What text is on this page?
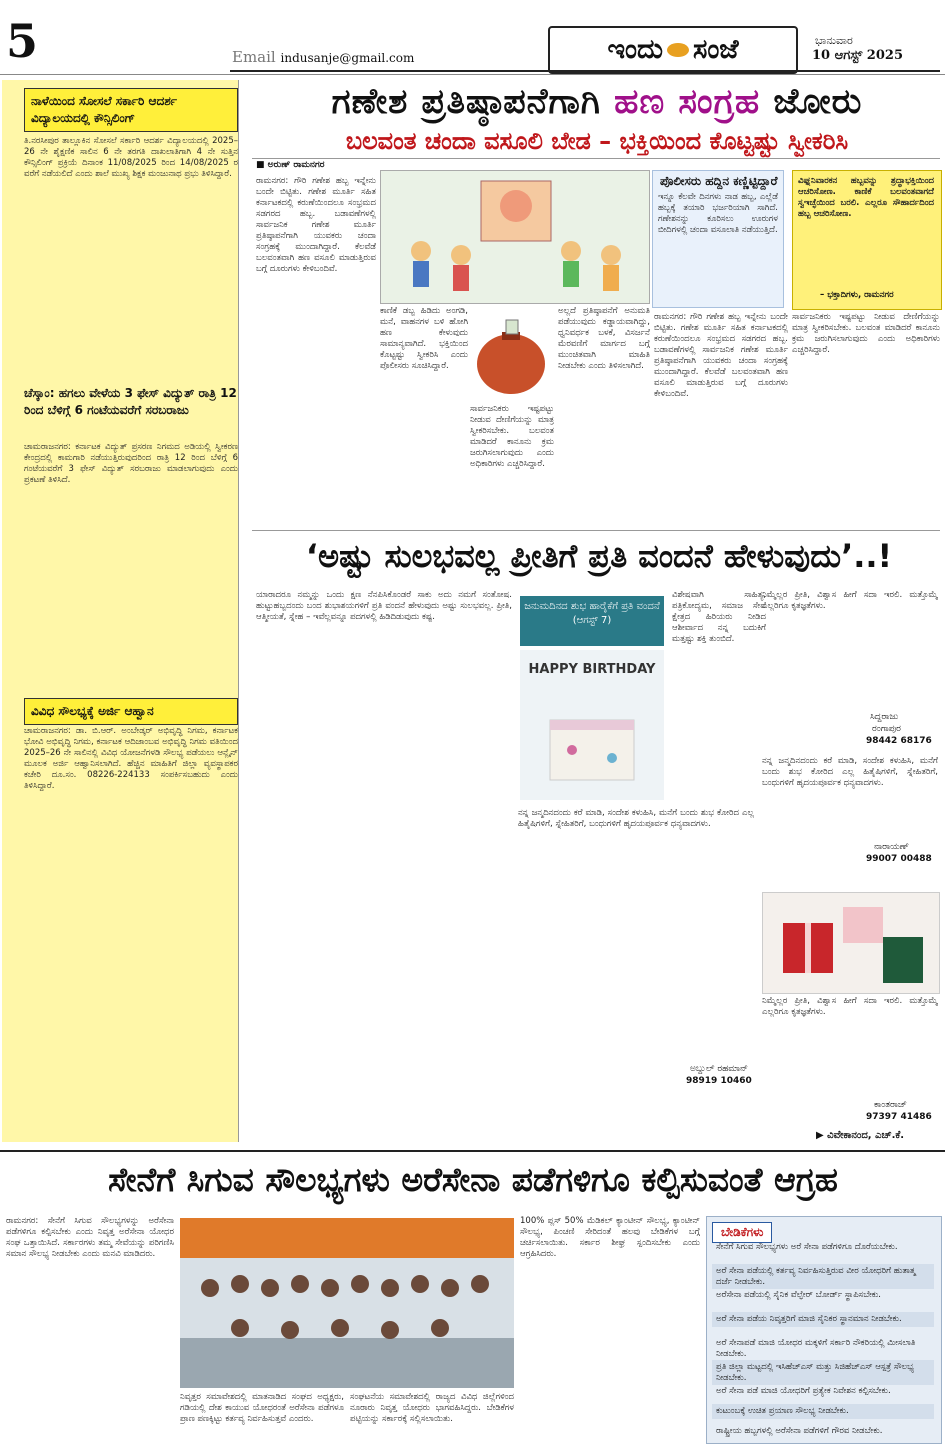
5	Email indusanje@gmail.com	ಇಂದು ಸಂಜೆ	ಭಾನುವಾರ
10 ಆಗಸ್ಟ್ 2025
ನಾಳೆಯಿಂದ ಸೋಸಲೆ ಸರ್ಕಾರಿ ಆದರ್ಶ ವಿದ್ಯಾಲಯದಲ್ಲಿ ಕೌನ್ಸಿಲಿಂಗ್
ತಿ.ನರಸೀಪುರ ತಾಲ್ಲೂಕಿನ ಸೋಸಲೆ ಸರ್ಕಾರಿ ಆದರ್ಶ ವಿದ್ಯಾಲಯದಲ್ಲಿ 2025–26 ನೇ ಶೈಕ್ಷಣಿಕ ಸಾಲಿನ 6 ನೇ ತರಗತಿ ದಾಖಲಾತಿಗಾಗಿ 4 ನೇ ಸುತ್ತಿನ ಕೌನ್ಸಿಲಿಂಗ್ ಪ್ರಕ್ರಿಯೆ ದಿನಾಂಕ 11/08/2025 ರಿಂದ 14/08/2025 ರ ವರೆಗೆ ನಡೆಯಲಿದೆ ಎಂದು ಶಾಲೆ ಮುಖ್ಯ ಶಿಕ್ಷಕ ಮಂಜುನಾಥ ಪ್ರಭು ತಿಳಿಸಿದ್ದಾರೆ.
ಚೆಸ್ಕಾಂ: ಹಗಲು ವೇಳೆಯ 3 ಫೇಸ್ ವಿದ್ಯುತ್ ರಾತ್ರಿ 12 ರಿಂದ ಬೆಳಿಗ್ಗೆ 6 ಗಂಟೆಯವರೆಗೆ ಸರಬರಾಜು
ಚಾಮರಾಜನಗರ: ಕರ್ನಾಟಕ ವಿದ್ಯುತ್ ಪ್ರಸರಣ ನಿಗಮದ ಅಡಿಯಲ್ಲಿ ಸ್ವೀಕರಣ ಕೇಂದ್ರದಲ್ಲಿ ಕಾಮಗಾರಿ ನಡೆಯುತ್ತಿರುವುದರಿಂದ ರಾತ್ರಿ 12 ರಿಂದ ಬೆಳಿಗ್ಗೆ 6 ಗಂಟೆಯವರೆಗೆ 3 ಫೇಸ್ ವಿದ್ಯುತ್ ಸರಬರಾಜು ಮಾಡಲಾಗುವುದು ಎಂದು ಪ್ರಕಟಣೆ ತಿಳಿಸಿದೆ.
ವಿವಿಧ ಸೌಲಭ್ಯಕ್ಕೆ ಅರ್ಜಿ ಆಹ್ವಾನ
ಚಾಮರಾಜನಗರ: ಡಾ. ಬಿ.ಆರ್. ಅಂಬೇಡ್ಕರ್ ಅಭಿವೃದ್ಧಿ ನಿಗಮ, ಕರ್ನಾಟಕ ಭೋವಿ ಅಭಿವೃದ್ಧಿ ನಿಗಮ, ಕರ್ನಾಟಕ ಆದಿಜಾಂಬವ ಅಭಿವೃದ್ಧಿ ನಿಗಮ ವತಿಯಿಂದ 2025–26 ನೇ ಸಾಲಿನಲ್ಲಿ ವಿವಿಧ ಯೋಜನೆಗಳಡಿ ಸೌಲಭ್ಯ ಪಡೆಯಲು ಆನ್ಲೈನ್ ಮೂಲಕ ಅರ್ಜಿ ಆಹ್ವಾನಿಸಲಾಗಿದೆ. ಹೆಚ್ಚಿನ ಮಾಹಿತಿಗೆ ಜಿಲ್ಲಾ ವ್ಯವಸ್ಥಾಪಕರ ಕಚೇರಿ ದೂ.ಸಂ. 08226-224133 ಸಂಪರ್ಕಿಸಬಹುದು ಎಂದು ತಿಳಿಸಿದ್ದಾರೆ.
ಗಣೇಶ ಪ್ರತಿಷ್ಠಾಪನೆಗಾಗಿ ಹಣ ಸಂಗ್ರಹ ಜೋರು
ಬಲವಂತ ಚಂದಾ ವಸೂಲಿ ಬೇಡ – ಭಕ್ತಿಯಿಂದ ಕೊಟ್ಟಷ್ಟು ಸ್ವೀಕರಿಸಿ
■ ಅರುಣ್ ರಾಮನಗರ
ರಾಮನಗರ: ಗೌರಿ ಗಣೇಶ ಹಬ್ಬ ಇನ್ನೇನು ಬಂದೇ ಬಿಟ್ಟಿತು. ಗಣೇಶ ಮೂರ್ತಿ ಸಹಿತ ಕರ್ನಾಟಕದಲ್ಲಿ ಕರುಣೆಯಿಂದಲೂ ಸಂಭ್ರಮದ ಸಡಗರದ ಹಬ್ಬ. ಬಡಾವಣೆಗಳಲ್ಲಿ ಸಾರ್ವಜನಿಕ ಗಣೇಶ ಮೂರ್ತಿ ಪ್ರತಿಷ್ಠಾಪನೆಗಾಗಿ ಯುವಕರು ಚಂದಾ ಸಂಗ್ರಹಕ್ಕೆ ಮುಂದಾಗಿದ್ದಾರೆ. ಕೆಲವೆಡೆ ಬಲವಂತವಾಗಿ ಹಣ ವಸೂಲಿ ಮಾಡುತ್ತಿರುವ ಬಗ್ಗೆ ದೂರುಗಳು ಕೇಳಿಬಂದಿವೆ.
ಕಾಣಿಕೆ ಡಬ್ಬ ಹಿಡಿದು ಅಂಗಡಿ, ಮನೆ, ವಾಹನಗಳ ಬಳಿ ಹೋಗಿ ಹಣ ಕೇಳುವುದು ಸಾಮಾನ್ಯವಾಗಿದೆ. ಭಕ್ತಿಯಿಂದ ಕೊಟ್ಟಷ್ಟು ಸ್ವೀಕರಿಸಿ ಎಂದು ಪೊಲೀಸರು ಸೂಚಿಸಿದ್ದಾರೆ.
ಸಾರ್ವಜನಿಕರು ಇಷ್ಟಪಟ್ಟು ನೀಡುವ ದೇಣಿಗೆಯನ್ನು ಮಾತ್ರ ಸ್ವೀಕರಿಸಬೇಕು. ಬಲವಂತ ಮಾಡಿದರೆ ಕಾನೂನು ಕ್ರಮ ಜರುಗಿಸಲಾಗುವುದು ಎಂದು ಅಧಿಕಾರಿಗಳು ಎಚ್ಚರಿಸಿದ್ದಾರೆ.
ಅಲ್ಲದೆ ಪ್ರತಿಷ್ಠಾಪನೆಗೆ ಅನುಮತಿ ಪಡೆಯುವುದು ಕಡ್ಡಾಯವಾಗಿದ್ದು, ಧ್ವನಿವರ್ಧಕ ಬಳಕೆ, ವಿಸರ್ಜನೆ ಮೆರವಣಿಗೆ ಮಾರ್ಗದ ಬಗ್ಗೆ ಮುಂಚಿತವಾಗಿ ಮಾಹಿತಿ ನೀಡಬೇಕು ಎಂದು ತಿಳಿಸಲಾಗಿದೆ.
ಪೊಲೀಸರು ಹದ್ದಿನ ಕಣ್ಣಿಟ್ಟಿದ್ದಾರೆ
ಇನ್ನೂ ಕೆಲವೇ ದಿನಗಳು ನಾಡ ಹಬ್ಬ, ಎಲ್ಲೆಡೆ ಹಬ್ಬಕ್ಕೆ ತಯಾರಿ ಭರ್ಜರಿಯಾಗಿ ಸಾಗಿದೆ. ಗಣೇಶನನ್ನು ಕೂರಿಸಲು ಊರುಗಳ ಬೀದಿಗಳಲ್ಲಿ ಚಂದಾ ವಸೂಲಾತಿ ನಡೆಯುತ್ತಿದೆ.
ವಿಘ್ನನಿವಾರಕನ ಹಬ್ಬವನ್ನು ಶ್ರದ್ಧಾಭಕ್ತಿಯಿಂದ ಆಚರಿಸೋಣ. ಕಾಣಿಕೆ ಬಲವಂತವಾಗದೆ ಸ್ವಇಚ್ಛೆಯಿಂದ ಬರಲಿ. ಎಲ್ಲರೂ ಸೌಹಾರ್ದದಿಂದ ಹಬ್ಬ ಆಚರಿಸೋಣ.
– ಭಕ್ತಾದಿಗಳು, ರಾಮನಗರ
ರಾಮನಗರ: ಗೌರಿ ಗಣೇಶ ಹಬ್ಬ ಇನ್ನೇನು ಬಂದೇ ಬಿಟ್ಟಿತು. ಗಣೇಶ ಮೂರ್ತಿ ಸಹಿತ ಕರ್ನಾಟಕದಲ್ಲಿ ಕರುಣೆಯಿಂದಲೂ ಸಂಭ್ರಮದ ಸಡಗರದ ಹಬ್ಬ. ಬಡಾವಣೆಗಳಲ್ಲಿ ಸಾರ್ವಜನಿಕ ಗಣೇಶ ಮೂರ್ತಿ ಪ್ರತಿಷ್ಠಾಪನೆಗಾಗಿ ಯುವಕರು ಚಂದಾ ಸಂಗ್ರಹಕ್ಕೆ ಮುಂದಾಗಿದ್ದಾರೆ. ಕೆಲವೆಡೆ ಬಲವಂತವಾಗಿ ಹಣ ವಸೂಲಿ ಮಾಡುತ್ತಿರುವ ಬಗ್ಗೆ ದೂರುಗಳು ಕೇಳಿಬಂದಿವೆ.
ಸಾರ್ವಜನಿಕರು ಇಷ್ಟಪಟ್ಟು ನೀಡುವ ದೇಣಿಗೆಯನ್ನು ಮಾತ್ರ ಸ್ವೀಕರಿಸಬೇಕು. ಬಲವಂತ ಮಾಡಿದರೆ ಕಾನೂನು ಕ್ರಮ ಜರುಗಿಸಲಾಗುವುದು ಎಂದು ಅಧಿಕಾರಿಗಳು ಎಚ್ಚರಿಸಿದ್ದಾರೆ.
‘ಅಷ್ಟು ಸುಲಭವಲ್ಲ ಪ್ರೀತಿಗೆ ಪ್ರತಿ ವಂದನೆ ಹೇಳುವುದು’..!
ಯಾರಾದರೂ ನಮ್ಮನ್ನು ಒಂದು ಕ್ಷಣ ನೆನಪಿಸಿಕೊಂಡರೆ ಸಾಕು ಅದು ನಮಗೆ ಸಂತೋಷ. ಹುಟ್ಟುಹಬ್ಬದಂದು ಬಂದ ಶುಭಾಶಯಗಳಿಗೆ ಪ್ರತಿ ವಂದನೆ ಹೇಳುವುದು ಅಷ್ಟು ಸುಲಭವಲ್ಲ. ಪ್ರೀತಿ, ಆತ್ಮೀಯತೆ, ಸ್ನೇಹ – ಇವೆಲ್ಲವನ್ನೂ ಪದಗಳಲ್ಲಿ ಹಿಡಿದಿಡುವುದು ಕಷ್ಟ.
ಜನುಮದಿನದ ಶುಭ ಹಾರೈಕೆಗೆ ಪ್ರತಿ ವಂದನೆ (ಆಗಸ್ಟ್ 7)
HAPPY BIRTHDAY
ನನ್ನ ಜನ್ಮದಿನದಂದು ಕರೆ ಮಾಡಿ, ಸಂದೇಶ ಕಳುಹಿಸಿ, ಮನೆಗೆ ಬಂದು ಶುಭ ಕೋರಿದ ಎಲ್ಲ ಹಿತೈಷಿಗಳಿಗೆ, ಸ್ನೇಹಿತರಿಗೆ, ಬಂಧುಗಳಿಗೆ ಹೃದಯಪೂರ್ವಕ ಧನ್ಯವಾದಗಳು.
ವಿಶೇಷವಾಗಿ ಸಾಹಿತ್ಯ, ಪತ್ರಿಕೋದ್ಯಮ, ಸಮಾಜ ಸೇವೆ ಕ್ಷೇತ್ರದ ಹಿರಿಯರು ನೀಡಿದ ಆಶೀರ್ವಾದ ನನ್ನ ಬದುಕಿಗೆ ಮತ್ತಷ್ಟು ಶಕ್ತಿ ತುಂಬಿದೆ.
ನಿಮ್ಮೆಲ್ಲರ ಪ್ರೀತಿ, ವಿಶ್ವಾಸ ಹೀಗೆ ಸದಾ ಇರಲಿ. ಮತ್ತೊಮ್ಮೆ ಎಲ್ಲರಿಗೂ ಕೃತಜ್ಞತೆಗಳು.
ಸಿದ್ದರಾಜು
ರಂಗಾಪುರ
98442 68176
ನನ್ನ ಜನ್ಮದಿನದಂದು ಕರೆ ಮಾಡಿ, ಸಂದೇಶ ಕಳುಹಿಸಿ, ಮನೆಗೆ ಬಂದು ಶುಭ ಕೋರಿದ ಎಲ್ಲ ಹಿತೈಷಿಗಳಿಗೆ, ಸ್ನೇಹಿತರಿಗೆ, ಬಂಧುಗಳಿಗೆ ಹೃದಯಪೂರ್ವಕ ಧನ್ಯವಾದಗಳು.
ನಾರಾಯಣ್
99007 00488
ನಿಮ್ಮೆಲ್ಲರ ಪ್ರೀತಿ, ವಿಶ್ವಾಸ ಹೀಗೆ ಸದಾ ಇರಲಿ. ಮತ್ತೊಮ್ಮೆ ಎಲ್ಲರಿಗೂ ಕೃತಜ್ಞತೆಗಳು.
ಕಾಂತರಾಜ್
97397 41486
ಅಬ್ದುಲ್ ರಹಮಾನ್
98919 10460
▶ ವಿವೇಕಾನಂದ, ಎಚ್.ಕೆ.
ಸೇನೆಗೆ ಸಿಗುವ ಸೌಲಭ್ಯಗಳು ಅರೆಸೇನಾ ಪಡೆಗಳಿಗೂ ಕಲ್ಪಿಸುವಂತೆ ಆಗ್ರಹ
ರಾಮನಗರ: ಸೇನೆಗೆ ಸಿಗುವ ಸೌಲಭ್ಯಗಳನ್ನು ಅರೆಸೇನಾ ಪಡೆಗಳಿಗೂ ಕಲ್ಪಿಸಬೇಕು ಎಂದು ನಿವೃತ್ತ ಅರೆಸೇನಾ ಯೋಧರ ಸಂಘ ಒತ್ತಾಯಿಸಿದೆ. ಸರ್ಕಾರಗಳು ತಮ್ಮ ಸೇವೆಯನ್ನು ಪರಿಗಣಿಸಿ ಸಮಾನ ಸೌಲಭ್ಯ ನೀಡಬೇಕು ಎಂದು ಮನವಿ ಮಾಡಿದರು.
ನಿವೃತ್ತರ ಸಮಾವೇಶದಲ್ಲಿ ಮಾತನಾಡಿದ ಸಂಘದ ಅಧ್ಯಕ್ಷರು, ಗಡಿಯಲ್ಲಿ ದೇಶ ಕಾಯುವ ಯೋಧರಂತೆ ಅರೆಸೇನಾ ಪಡೆಗಳೂ ಪ್ರಾಣ ಪಣಕ್ಕಿಟ್ಟು ಕರ್ತವ್ಯ ನಿರ್ವಹಿಸುತ್ತವೆ ಎಂದರು.
ಸಂಘಟನೆಯ ಸಮಾವೇಶದಲ್ಲಿ ರಾಜ್ಯದ ವಿವಿಧ ಜಿಲ್ಲೆಗಳಿಂದ ನೂರಾರು ನಿವೃತ್ತ ಯೋಧರು ಭಾಗವಹಿಸಿದ್ದರು. ಬೇಡಿಕೆಗಳ ಪಟ್ಟಿಯನ್ನು ಸರ್ಕಾರಕ್ಕೆ ಸಲ್ಲಿಸಲಾಯಿತು.
100% ಪ್ಲಸ್ 50% ಮೆಡಿಕಲ್ ಕ್ಯಾಂಟೀನ್ ಸೌಲಭ್ಯ, ಕ್ಯಾಂಟೀನ್ ಸೌಲಭ್ಯ, ಪಿಂಚಣಿ ಸೇರಿದಂತೆ ಹಲವು ಬೇಡಿಕೆಗಳ ಬಗ್ಗೆ ಚರ್ಚಿಸಲಾಯಿತು. ಸರ್ಕಾರ ಶೀಘ್ರ ಸ್ಪಂದಿಸಬೇಕು ಎಂದು ಆಗ್ರಹಿಸಿದರು.
ಬೇಡಿಕೆಗಳು
ಸೇನೆಗೆ ಸಿಗುವ ಸೌಲಭ್ಯಗಳು ಅರೆ ಸೇನಾ ಪಡೆಗಳಿಗೂ ದೊರೆಯಬೇಕು.
ಅರೆ ಸೇನಾ ಪಡೆಯಲ್ಲಿ ಕರ್ತವ್ಯ ನಿರ್ವಹಿಸುತ್ತಿರುವ ವೀರ ಯೋಧರಿಗೆ ಹುತಾತ್ಮ ದರ್ಜೆ ನೀಡಬೇಕು.
ಅರೆಸೇನಾ ಪಡೆಯಲ್ಲಿ ಸೈನಿಕ ವೆಲ್ಫೇರ್ ಬೋರ್ಡ್ ಸ್ಥಾಪಿಸಬೇಕು.
ಅರೆ ಸೇನಾ ಪಡೆಯ ನಿವೃತ್ತರಿಗೆ ಮಾಜಿ ಸೈನಿಕರ ಸ್ಥಾನಮಾನ ನೀಡಬೇಕು.
ಅರೆ ಸೇನಾಪಡೆ ಮಾಜಿ ಯೋಧರ ಮಕ್ಕಳಿಗೆ ಸರ್ಕಾರಿ ನೌಕರಿಯಲ್ಲಿ ಮೀಸಲಾತಿ ನೀಡಬೇಕು.
ಪ್ರತಿ ಜಿಲ್ಲಾ ಮಟ್ಟದಲ್ಲಿ ಇಸಿಹೆಚ್ಎಸ್ ಮತ್ತು ಸಿಜಿಹೆಚ್ಎಸ್ ಆಸ್ಪತ್ರೆ ಸೌಲಭ್ಯ ನೀಡಬೇಕು.
ಅರೆ ಸೇನಾ ಪಡೆ ಮಾಜಿ ಯೋಧರಿಗೆ ಪ್ರತ್ಯೇಕ ನಿವೇಶನ ಕಲ್ಪಿಸಬೇಕು.
ಕುಟುಂಬಕ್ಕೆ ಉಚಿತ ಪ್ರಯಾಣ ಸೌಲಭ್ಯ ನೀಡಬೇಕು.
ರಾಷ್ಟ್ರೀಯ ಹಬ್ಬಗಳಲ್ಲಿ ಅರೆಸೇನಾ ಪಡೆಗಳಿಗೆ ಗೌರವ ನೀಡಬೇಕು.
